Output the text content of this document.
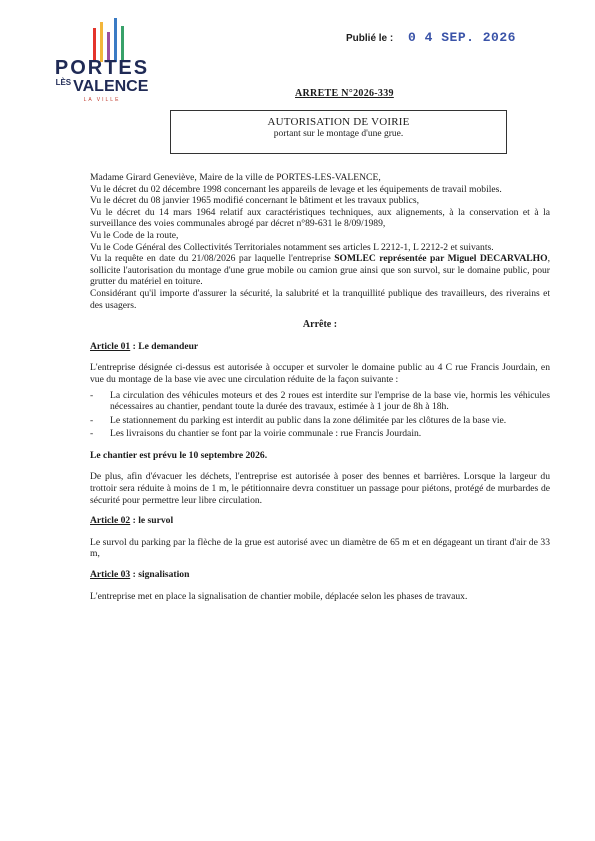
PORTES
$^{LÈS}$ VALENCE
LA VILLE
Publié le : 0 4 SEP. 2026
ARRETE N°2026-339
AUTORISATION DE VOIRIE
portant sur le montage d'une grue.

Madame Girard Geneviève, Maire de la ville de PORTES-LES-VALENCE,

Vu le décret du 02 décembre 1998 concernant les appareils de levage et les équipements de travail mobiles.

Vu le décret du 08 janvier 1965 modifié concernant le bâtiment et les travaux publics,

Vu le décret du 14 mars 1964 relatif aux caractéristiques techniques, aux alignements, à la conservation et à la surveillance des voies communales abrogé par décret n°89-631 le 8/09/1989,

Vu le Code de la route,

Vu le Code Général des Collectivités Territoriales notamment ses articles L 2212-1, L 2212-2 et suivants.

Vu la requête en date du 21/08/2026 par laquelle l'entreprise SOMLEC représentée par Miguel DECARVALHO, sollicite l'autorisation du montage d'une grue mobile ou camion grue ainsi que son survol, sur le domaine public, pour grutter du matériel en toiture.

Considérant qu'il importe d'assurer la sécurité, la salubrité et la tranquillité publique des travailleurs, des riverains et des usagers.

Arrête :

Article 01 : Le demandeur

L'entreprise désignée ci-dessus est autorisée à occuper et survoler le domaine public au 4 C rue Francis Jourdain, en vue du montage de la base vie avec une circulation réduite de la façon suivante :

- La circulation des véhicules moteurs et des 2 roues est interdite sur l'emprise de la base vie, hormis les véhicules nécessaires au chantier, pendant toute la durée des travaux, estimée à 1 jour de 8h à 18h.
- Le stationnement du parking est interdit au public dans la zone délimitée par les clôtures de la base vie.
- Les livraisons du chantier se font par la voirie communale : rue Francis Jourdain.

Le chantier est prévu le 10 septembre 2026.

De plus, afin d'évacuer les déchets, l'entreprise est autorisée à poser des bennes et barrières. Lorsque la largeur du trottoir sera réduite à moins de 1 m, le pétitionnaire devra constituer un passage pour piétons, protégé de murbardes de sécurité pour permettre leur libre circulation.

Article 02 : le survol

Le survol du parking par la flèche de la grue est autorisé avec un diamètre de 65 m et en dégageant un tirant d'air de 33 m,

Article 03 : signalisation

L'entreprise met en place la signalisation de chantier mobile, déplacée selon les phases de travaux.
